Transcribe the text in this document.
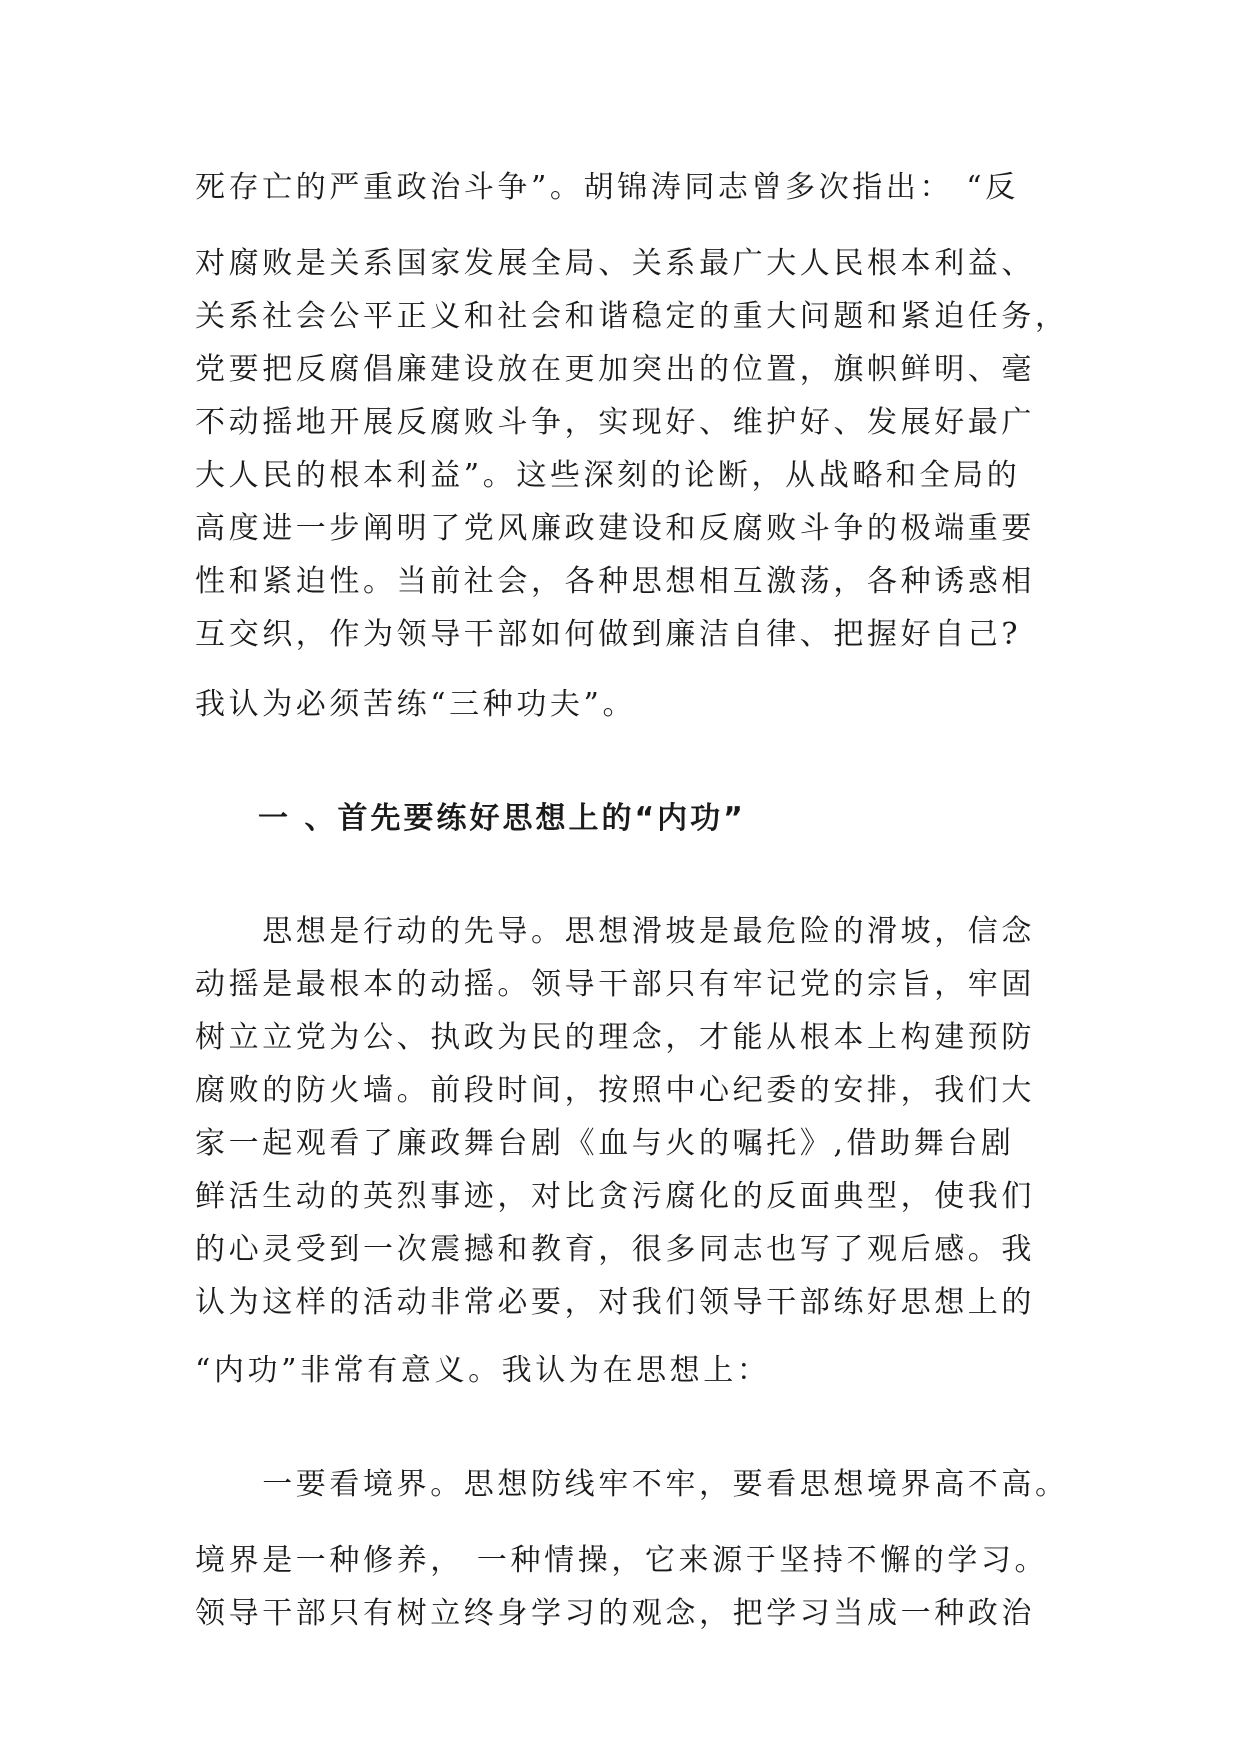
死存亡的严重政治斗争”。胡锦涛同志曾多次指出： “反
对腐败是关系国家发展全局、关系最广大人民根本利益、
关系社会公平正义和社会和谐稳定的重大问题和紧迫任务，
党要把反腐倡廉建设放在更加突出的位置，旗帜鲜明、毫
不动摇地开展反腐败斗争，实现好、维护好、发展好最广
大人民的根本利益”。这些深刻的论断，从战略和全局的
高度进一步阐明了党风廉政建设和反腐败斗争的极端重要
性和紧迫性。当前社会，各种思想相互激荡，各种诱惑相
互交织，作为领导干部如何做到廉洁自律、把握好自己?
我认为必须苦练“三种功夫”。
一 、首先要练好思想上的“内功”
　　思想是行动的先导。思想滑坡是最危险的滑坡，信念
动摇是最根本的动摇。领导干部只有牢记党的宗旨，牢固
树立立党为公、执政为民的理念，才能从根本上构建预防
腐败的防火墙。前段时间，按照中心纪委的安排，我们大
家一起观看了廉政舞台剧《血与火的嘱托》,借助舞台剧
鲜活生动的英烈事迹，对比贪污腐化的反面典型，使我们
的心灵受到一次震撼和教育，很多同志也写了观后感。我
认为这样的活动非常必要，对我们领导干部练好思想上的
“内功”非常有意义。我认为在思想上：
　　一要看境界。思想防线牢不牢，要看思想境界高不高。
境界是一种修养， 一种情操，它来源于坚持不懈的学习。
领导干部只有树立终身学习的观念，把学习当成一种政治
